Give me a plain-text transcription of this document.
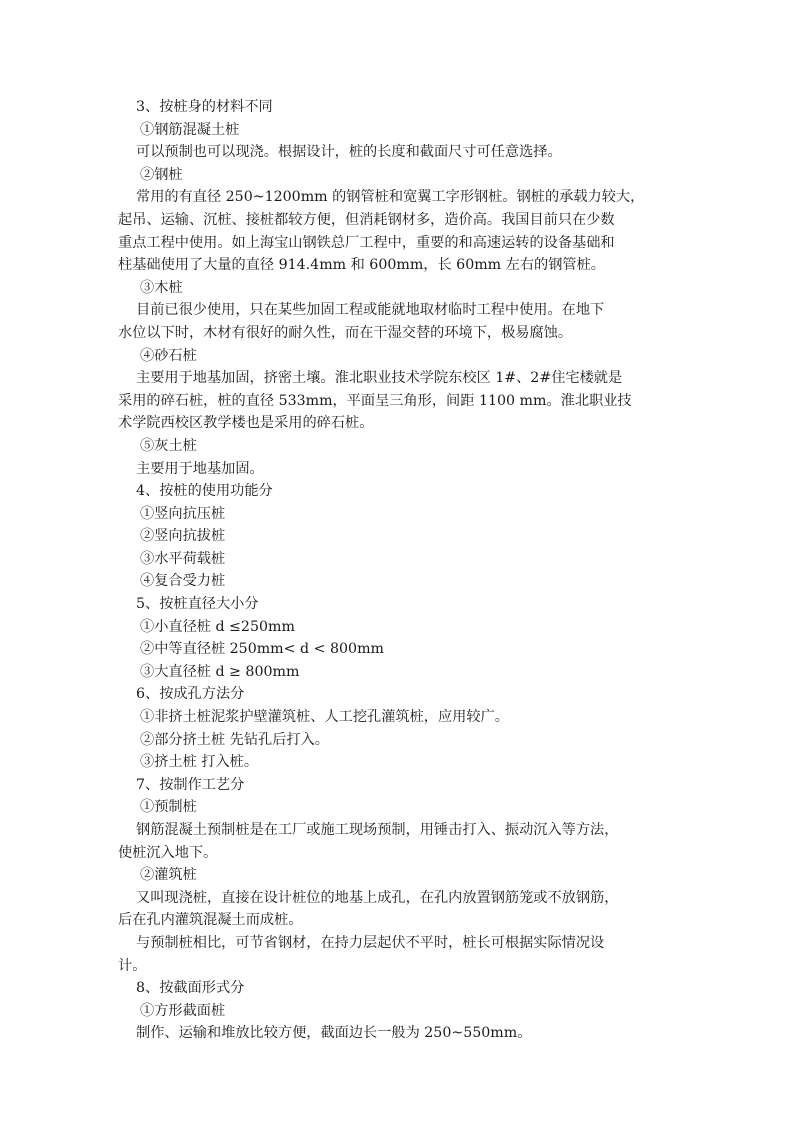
3、按桩身的材料不同
①钢筋混凝土桩
可以预制也可以现浇。根据设计，桩的长度和截面尺寸可任意选择。
②钢桩
常用的有直径 250~1200mm 的钢管桩和宽翼工字形钢桩。钢桩的承载力较大，
起吊、运输、沉桩、接桩都较方便，但消耗钢材多，造价高。我国目前只在少数
重点工程中使用。如上海宝山钢铁总厂工程中，重要的和高速运转的设备基础和
柱基础使用了大量的直径 914.4mm 和 600mm，长 60mm 左右的钢管桩。
③木桩
目前已很少使用，只在某些加固工程或能就地取材临时工程中使用。在地下
水位以下时，木材有很好的耐久性，而在干湿交替的环境下，极易腐蚀。
④砂石桩
主要用于地基加固，挤密土壤。淮北职业技术学院东校区 1#、2#住宅楼就是
采用的碎石桩，桩的直径 533mm，平面呈三角形，间距 1100 mm。淮北职业技
术学院西校区教学楼也是采用的碎石桩。
⑤灰土桩
主要用于地基加固。
4、按桩的使用功能分
①竖向抗压桩
②竖向抗拔桩
③水平荷载桩
④复合受力桩
5、按桩直径大小分
①小直径桩 d ≤250mm
②中等直径桩 250mm< d < 800mm
③大直径桩 d ≥ 800mm
6、按成孔方法分
①非挤土桩泥浆护壁灌筑桩、人工挖孔灌筑桩，应用较广。
②部分挤土桩 先钻孔后打入。
③挤土桩 打入桩。
7、按制作工艺分
①预制桩
钢筋混凝土预制桩是在工厂或施工现场预制，用锤击打入、振动沉入等方法，
使桩沉入地下。
②灌筑桩
又叫现浇桩，直接在设计桩位的地基上成孔，在孔内放置钢筋笼或不放钢筋，
后在孔内灌筑混凝土而成桩。
与预制桩相比，可节省钢材，在持力层起伏不平时，桩长可根据实际情况设
计。
8、按截面形式分
①方形截面桩
制作、运输和堆放比较方便，截面边长一般为 250~550mm。
